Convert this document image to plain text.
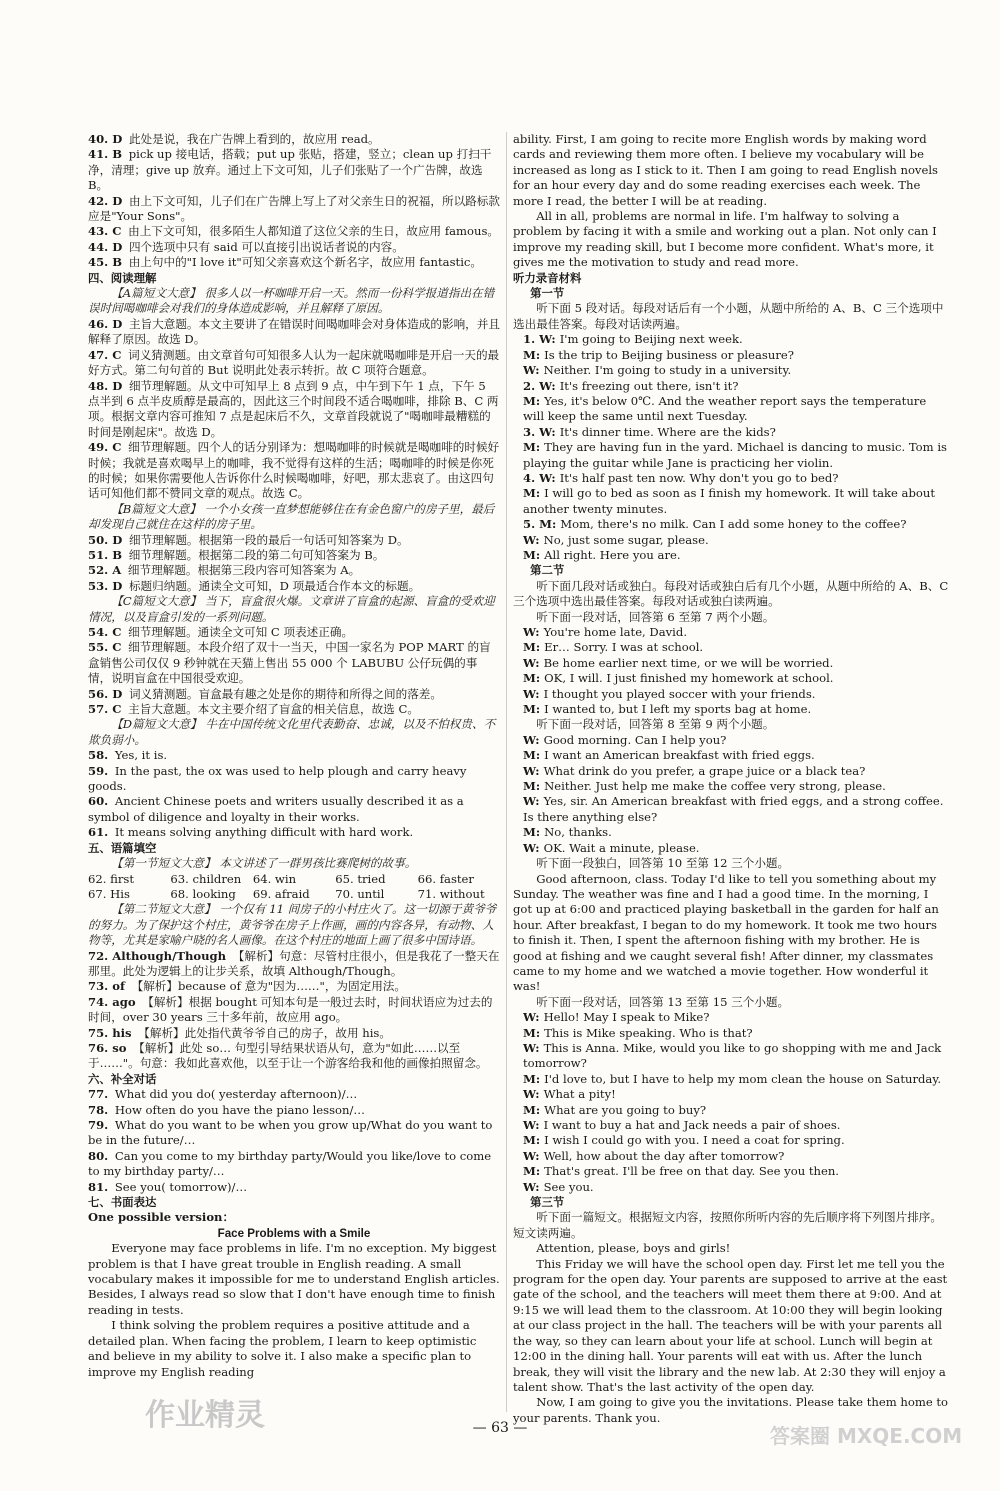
40. D 此处是说，我在广告牌上看到的，故应用 read。
41. B pick up 接电话，搭载；put up 张贴，搭建，竖立；clean up 打扫干净，清理；give up 放弃。通过上下文可知，儿子们张贴了一个广告牌，故选 B。
42. D 由上下文可知，儿子们在广告牌上写上了对父亲生日的祝福，所以路标款应是"Your Sons"。
43. C 由上下文可知，很多陌生人都知道了这位父亲的生日，故应用 famous。
44. D 四个选项中只有 said 可以直接引出说话者说的内容。
45. B 由上句中的"I love it"可知父亲喜欢这个新名字，故应用 fantastic。
四、阅读理解
【A篇短文大意】 很多人以一杯咖啡开启一天。然而一份科学报道指出在错误时间喝咖啡会对我们的身体造成影响，并且解释了原因。
46. D 主旨大意题。本文主要讲了在错误时间喝咖啡会对身体造成的影响，并且解释了原因。故选 D。
47. C 词义猜测题。由文章首句可知很多人认为一起床就喝咖啡是开启一天的最好方式。第二句句首的 But 说明此处表示转折。故 C 项符合题意。
48. D 细节理解题。从文中可知早上 8 点到 9 点，中午到下午 1 点，下午 5 点半到 6 点半皮质醇是最高的，因此这三个时间段不适合喝咖啡，排除 B、C 两项。根据文章内容可推知 7 点是起床后不久，文章首段就说了"喝咖啡最糟糕的时间是刚起床"。故选 D。
49. C 细节理解题。四个人的话分别译为：想喝咖啡的时候就是喝咖啡的时候好时候；我就是喜欢喝早上的咖啡，我不觉得有这样的生活；喝咖啡的时候是你死的时候；如果你需要他人告诉你什么时候喝咖啡，好吧，那太悲哀了。由这四句话可知他们都不赞同文章的观点。故选 C。
【B篇短文大意】 一个小女孩一直梦想能够住在有金色窗户的房子里，最后却发现自己就住在这样的房子里。
50. D 细节理解题。根据第一段的最后一句话可知答案为 D。
51. B 细节理解题。根据第二段的第二句可知答案为 B。
52. A 细节理解题。根据第三段内容可知答案为 A。
53. D 标题归纳题。通读全文可知，D 项最适合作本文的标题。
【C篇短文大意】 当下，盲盒很火爆。文章讲了盲盒的起源、盲盒的受欢迎情况，以及盲盒引发的一系列问题。
54. C 细节理解题。通读全文可知 C 项表述正确。
55. C 细节理解题。本段介绍了双十一当天，中国一家名为 POP MART 的盲盒销售公司仅仅 9 秒钟就在天猫上售出 55 000 个 LABUBU 公仔玩偶的事情，说明盲盒在中国很受欢迎。
56. D 词义猜测题。盲盒最有趣之处是你的期待和所得之间的落差。
57. C 主旨大意题。本文主要介绍了盲盒的相关信息，故选 C。
【D篇短文大意】 牛在中国传统文化里代表勤奋、忠诚，以及不怕权贵、不欺负弱小。
58. Yes, it is.
59. In the past, the ox was used to help plough and carry heavy goods.
60. Ancient Chinese poets and writers usually described it as a symbol of diligence and loyalty in their works.
61. It means solving anything difficult with hard work.
五、语篇填空
【第一节短文大意】 本文讲述了一群男孩比赛爬树的故事。
62. first	63. children	64. win	65. tried	66. faster
67. His	68. looking	69. afraid	70. until	71. without
【第二节短文大意】 一个仅有 11 间房子的小村庄火了。这一切源于黄爷爷的努力。为了保护这个村庄，黄爷爷在房子上作画，画的内容各异，有动物、人物等，尤其是家喻户晓的名人画像。在这个村庄的地面上画了很多中国诗语。
72. Although/Though 【解析】句意：尽管村庄很小，但是我花了一整天在那里。此处为逻辑上的让步关系，故填 Although/Though。
73. of 【解析】because of 意为"因为……"，为固定用法。
74. ago 【解析】根据 bought 可知本句是一般过去时，时间状语应为过去的时间，over 30 years 三十多年前，故应用 ago。
75. his 【解析】此处指代黄爷爷自己的房子，故用 his。
76. so 【解析】此处 so… 句型引导结果状语从句，意为"如此……以至于……"。句意：我如此喜欢他，以至于让一个游客给我和他的画像拍照留念。
六、补全对话
77. What did you do( yesterday afternoon)/…
78. How often do you have the piano lesson/…
79. What do you want to be when you grow up/What do you want to be in the future/…
80. Can you come to my birthday party/Would you like/love to come to my birthday party/…
81. See you( tomorrow)/…
七、书面表达
One possible version：
Face Problems with a Smile
Everyone may face problems in life. I'm no exception. My biggest problem is that I have great trouble in English reading. A small vocabulary makes it impossible for me to understand English articles. Besides, I always read so slow that I don't have enough time to finish reading in tests.
I think solving the problem requires a positive attitude and a detailed plan. When facing the problem, I learn to keep optimistic and believe in my ability to solve it. I also make a specific plan to improve my English reading
ability. First, I am going to recite more English words by making word cards and reviewing them more often. I believe my vocabulary will be increased as long as I stick to it. Then I am going to read English novels for an hour every day and do some reading exercises each week. The more I read, the better I will be at reading.
All in all, problems are normal in life. I'm halfway to solving a problem by facing it with a smile and working out a plan. Not only can I improve my reading skill, but I become more confident. What's more, it gives me the motivation to study and read more.
听力录音材料
第一节
听下面 5 段对话。每段对话后有一个小题，从题中所给的 A、B、C 三个选项中选出最佳答案。每段对话读两遍。
1. W: I'm going to Beijing next week.
M: Is the trip to Beijing business or pleasure?
W: Neither. I'm going to study in a university.
2. W: It's freezing out there, isn't it?
M: Yes, it's below 0℃. And the weather report says the temperature will keep the same until next Tuesday.
3. W: It's dinner time. Where are the kids?
M: They are having fun in the yard. Michael is dancing to music. Tom is playing the guitar while Jane is practicing her violin.
4. W: It's half past ten now. Why don't you go to bed?
M: I will go to bed as soon as I finish my homework. It will take about another twenty minutes.
5. M: Mom, there's no milk. Can I add some honey to the coffee?
W: No, just some sugar, please.
M: All right. Here you are.
第二节
听下面几段对话或独白。每段对话或独白后有几个小题，从题中所给的 A、B、C 三个选项中选出最佳答案。每段对话或独白读两遍。
听下面一段对话，回答第 6 至第 7 两个小题。
W: You're home late, David.
M: Er… Sorry. I was at school.
W: Be home earlier next time, or we will be worried.
M: OK, I will. I just finished my homework at school.
W: I thought you played soccer with your friends.
M: I wanted to, but I left my sports bag at home.
听下面一段对话，回答第 8 至第 9 两个小题。
W: Good morning. Can I help you?
M: I want an American breakfast with fried eggs.
W: What drink do you prefer, a grape juice or a black tea?
M: Neither. Just help me make the coffee very strong, please.
W: Yes, sir. An American breakfast with fried eggs, and a strong coffee. Is there anything else?
M: No, thanks.
W: OK. Wait a minute, please.
听下面一段独白，回答第 10 至第 12 三个小题。
Good afternoon, class. Today I'd like to tell you something about my Sunday. The weather was fine and I had a good time. In the morning, I got up at 6:00 and practiced playing basketball in the garden for half an hour. After breakfast, I began to do my homework. It took me two hours to finish it. Then, I spent the afternoon fishing with my brother. He is good at fishing and we caught several fish! After dinner, my classmates came to my home and we watched a movie together. How wonderful it was!
听下面一段对话，回答第 13 至第 15 三个小题。
W: Hello! May I speak to Mike?
M: This is Mike speaking. Who is that?
W: This is Anna. Mike, would you like to go shopping with me and Jack tomorrow?
M: I'd love to, but I have to help my mom clean the house on Saturday.
W: What a pity!
M: What are you going to buy?
W: I want to buy a hat and Jack needs a pair of shoes.
M: I wish I could go with you. I need a coat for spring.
W: Well, how about the day after tomorrow?
M: That's great. I'll be free on that day. See you then.
W: See you.
第三节
听下面一篇短文。根据短文内容，按照你所听内容的先后顺序将下列图片排序。短文读两遍。
Attention, please, boys and girls!
This Friday we will have the school open day. First let me tell you the program for the open day. Your parents are supposed to arrive at the east gate of the school, and the teachers will meet them there at 9:00. And at 9:15 we will lead them to the classroom. At 10:00 they will begin looking at our class project in the hall. The teachers will be with your parents all the way, so they can learn about your life at school. Lunch will begin at 12:00 in the dining hall. Your parents will eat with us. After the lunch break, they will visit the library and the new lab. At 2:30 they will enjoy a talent show. That's the last activity of the open day.
Now, I am going to give you the invitations. Please take them home to your parents. Thank you.
— 63 —
作业精灵
答案圈 MXQE.COM
